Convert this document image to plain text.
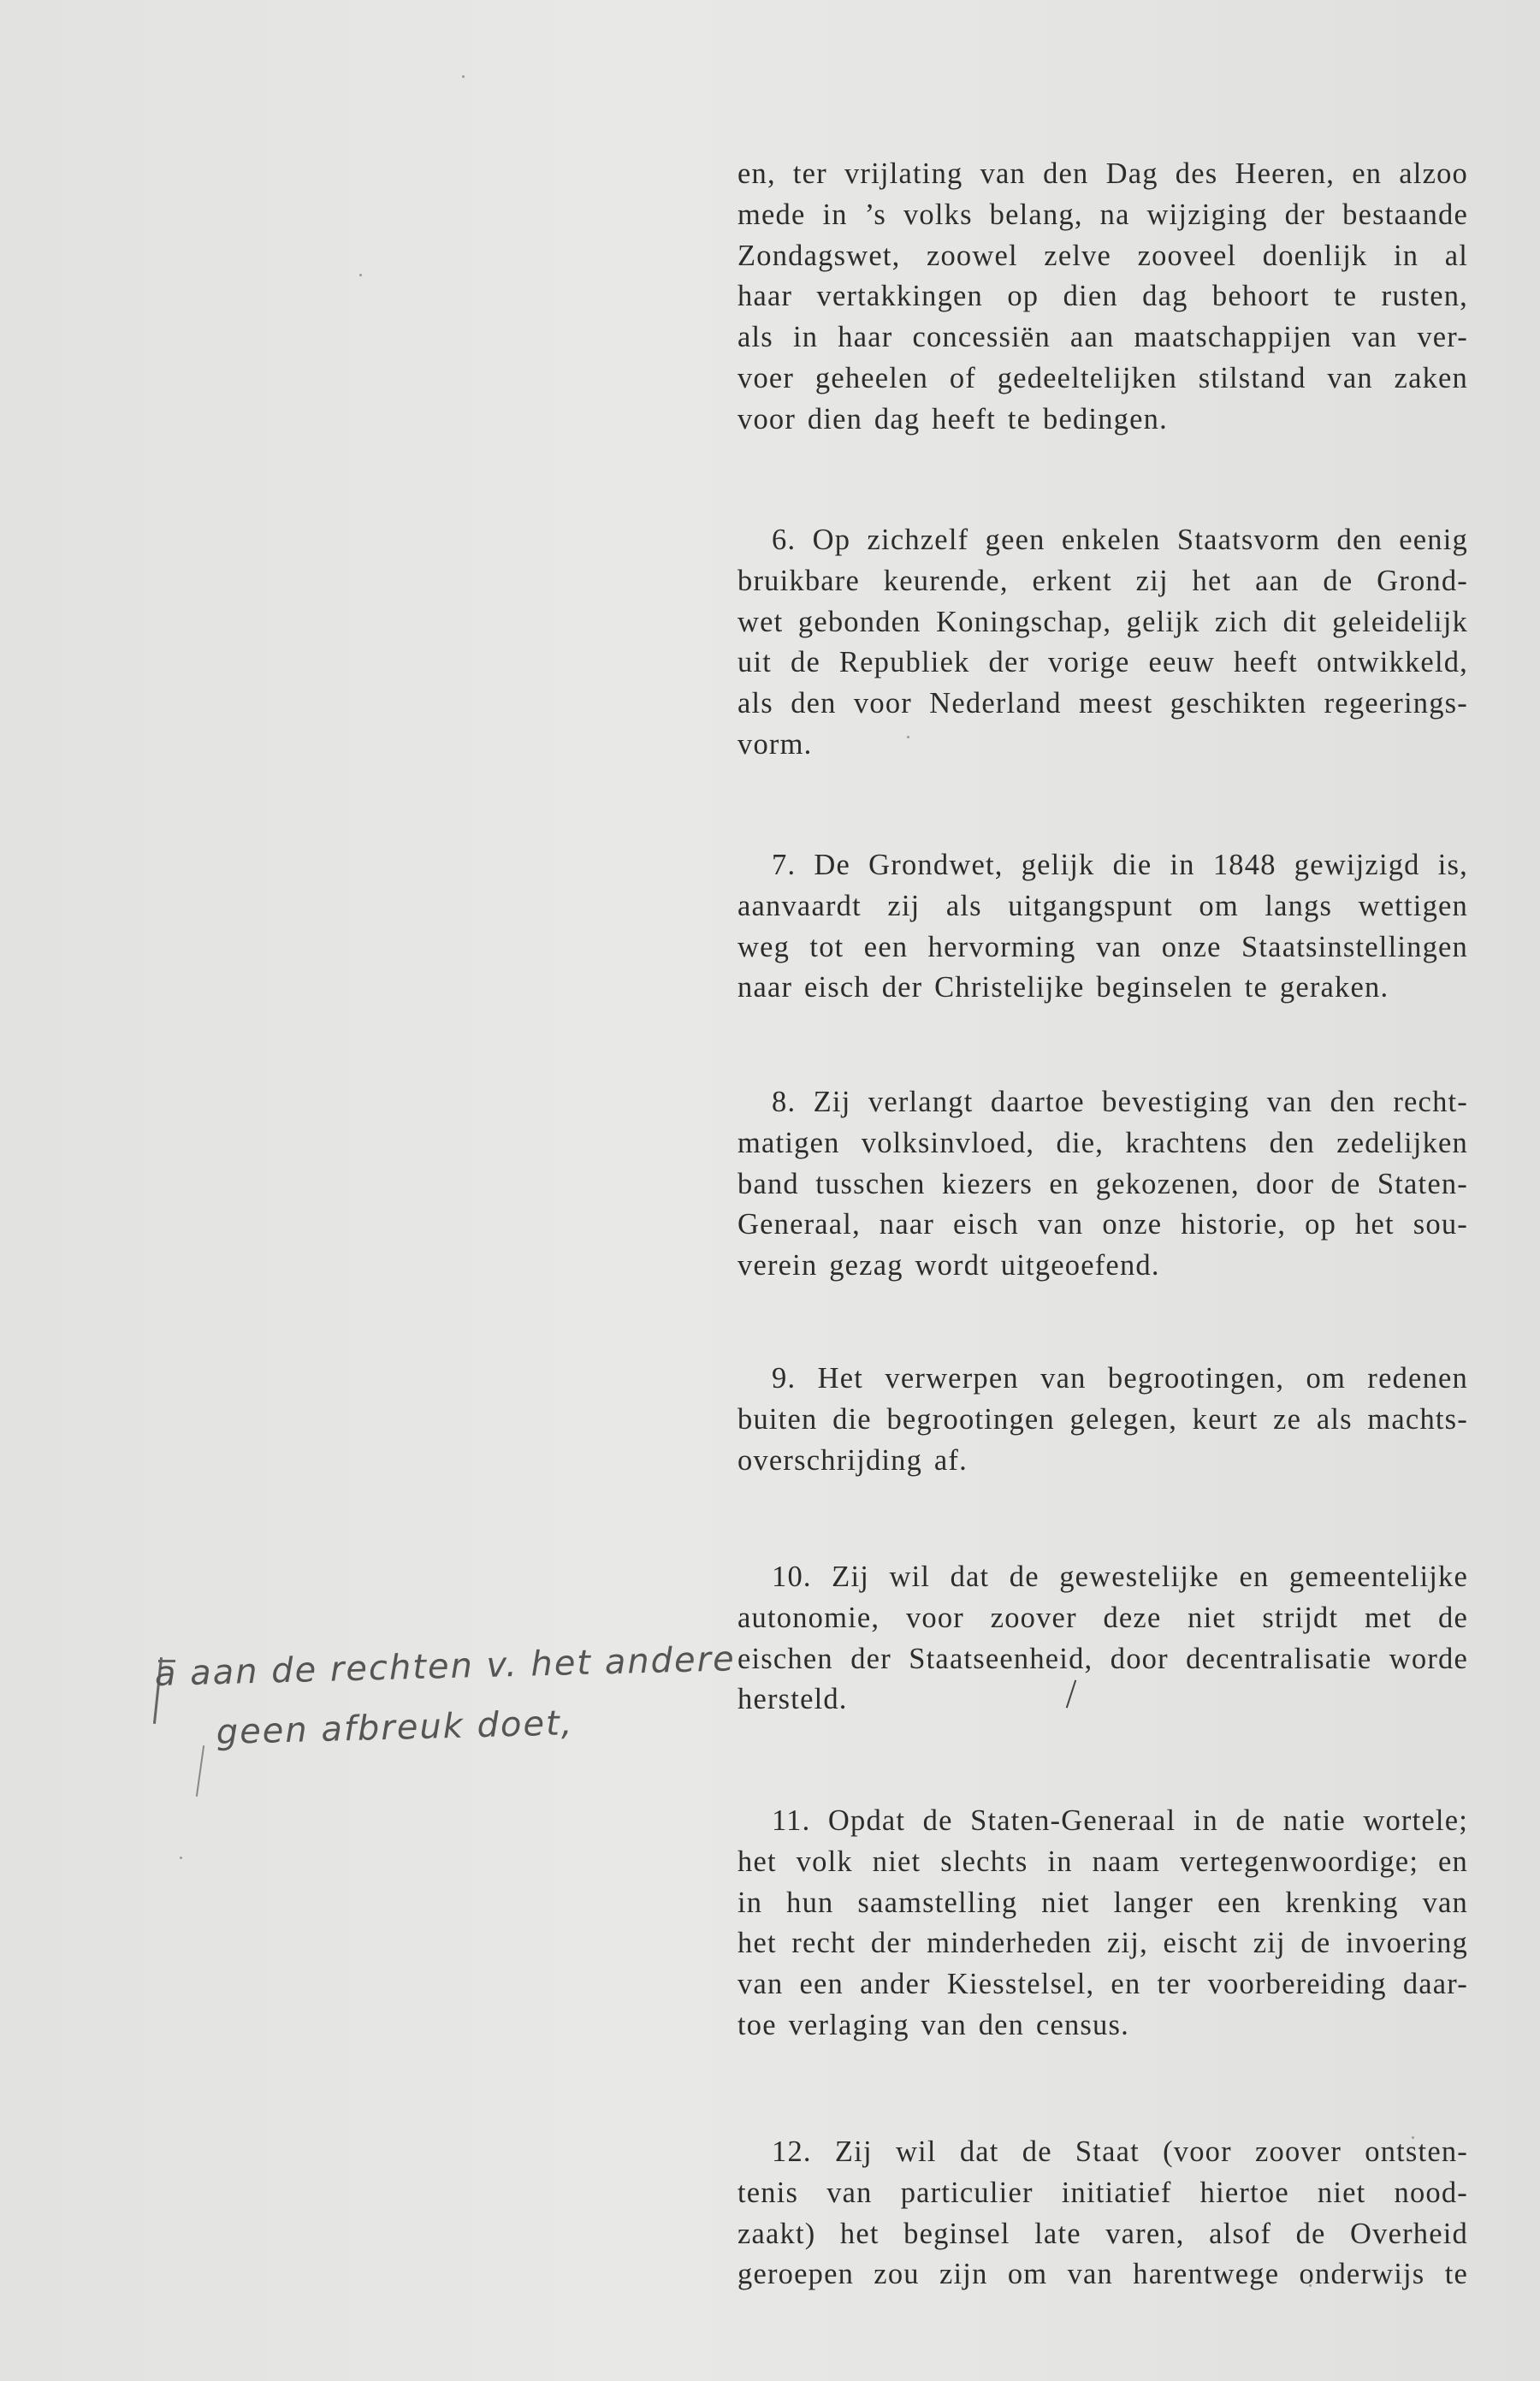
en, ter vrijlating van den Dag des Heeren, en alzoo
mede in ’s volks belang, na wijziging der bestaande
Zondagswet, zoowel zelve zooveel doenlijk in al
haar vertakkingen op dien dag behoort te rusten,
als in haar concessiën aan maatschappijen van ver-
voer geheelen of gedeeltelijken stilstand van zaken
voor dien dag heeft te bedingen.

6. Op zichzelf geen enkelen Staatsvorm den eenig
bruikbare keurende, erkent zij het aan de Grond-
wet gebonden Koningschap, gelijk zich dit geleidelijk
uit de Republiek der vorige eeuw heeft ontwikkeld,
als den voor Nederland meest geschikten regeerings-
vorm.

7. De Grondwet, gelijk die in 1848 gewijzigd is,
aanvaardt zij als uitgangspunt om langs wettigen
weg tot een hervorming van onze Staatsinstellingen
naar eisch der Christelijke beginselen te geraken.

8. Zij verlangt daartoe bevestiging van den recht-
matigen volksinvloed, die, krachtens den zedelijken
band tusschen kiezers en gekozenen, door de Staten-
Generaal, naar eisch van onze historie, op het sou-
verein gezag wordt uitgeoefend.

9. Het verwerpen van begrootingen, om redenen
buiten die begrootingen gelegen, keurt ze als machts-
overschrijding af.

10. Zij wil dat de gewestelijke en gemeentelijke
autonomie, voor zoover deze niet strijdt met de
eischen der Staatseenheid, door decentralisatie worde
hersteld.

11. Opdat de Staten-Generaal in de natie wortele;
het volk niet slechts in naam vertegenwoordige; en
in hun saamstelling niet langer een krenking van
het recht der minderheden zij, eischt zij de invoering
van een ander Kiesstelsel, en ter voorbereiding daar-
toe verlaging van den census.

12. Zij wil dat de Staat (voor zoover ontsten-
tenis van particulier initiatief hiertoe niet nood-
zaakt) het beginsel late varen, alsof de Overheid
geroepen zou zijn om van harentwege onderwijs te

a aan de rechten v. het andere
geen afbreuk doet,
